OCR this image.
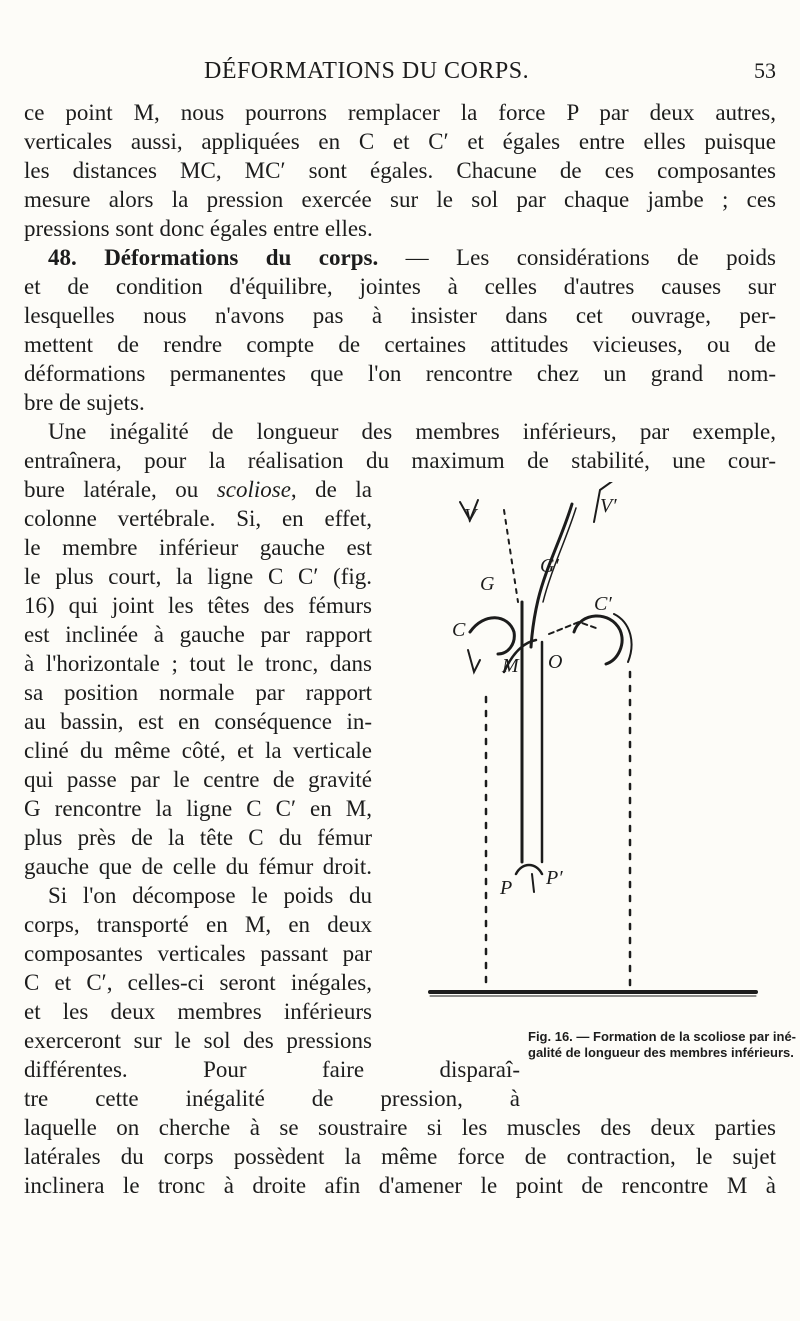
DÉFORMATIONS DU CORPS.	53
ce point M, nous pourrons remplacer la force P par deux autres,
verticales aussi, appliquées en C et C′ et égales entre elles puisque
les distances MC, MC′ sont égales. Chacune de ces composantes
mesure alors la pression exercée sur le sol par chaque jambe ; ces
pressions sont donc égales entre elles.
48. Déformations du corps. — Les considérations de poids
et de condition d'équilibre, jointes à celles d'autres causes sur
lesquelles nous n'avons pas à insister dans cet ouvrage, per-
mettent de rendre compte de certaines attitudes vicieuses, ou de
déformations permanentes que l'on rencontre chez un grand nom-
bre de sujets.
Une inégalité de longueur des membres inférieurs, par exemple,
entraînera, pour la réalisation du maximum de stabilité, une cour-
bure latérale, ou scoliose, de la
colonne vertébrale. Si, en effet,
le membre inférieur gauche est
le plus court, la ligne C C′ (fig.
16) qui joint les têtes des fémurs
est inclinée à gauche par rapport
à l'horizontale ; tout le tronc, dans
sa position normale par rapport
au bassin, est en conséquence in-
cliné du même côté, et la verticale
qui passe par le centre de gravité
G rencontre la ligne C C′ en M,
plus près de la tête C du fémur
gauche que de celle du fémur droit.
Si l'on décompose le poids du
corps, transporté en M, en deux
composantes verticales passant par
C et C′, celles-ci seront inégales,
et les deux membres inférieurs
exerceront sur le sol des pressions
différentes. Pour faire disparaî-
tre cette inégalité de pression, à
laquelle on cherche à se soustraire si les muscles des deux parties
latérales du corps possèdent la même force de contraction, le sujet
inclinera le tronc à droite afin d'amener le point de rencontre M à
V	V′
G
G′
C
C′
M O
P P′
Fig. 16. — Formation de la scoliose par iné-
galité de longueur des membres inférieurs.
